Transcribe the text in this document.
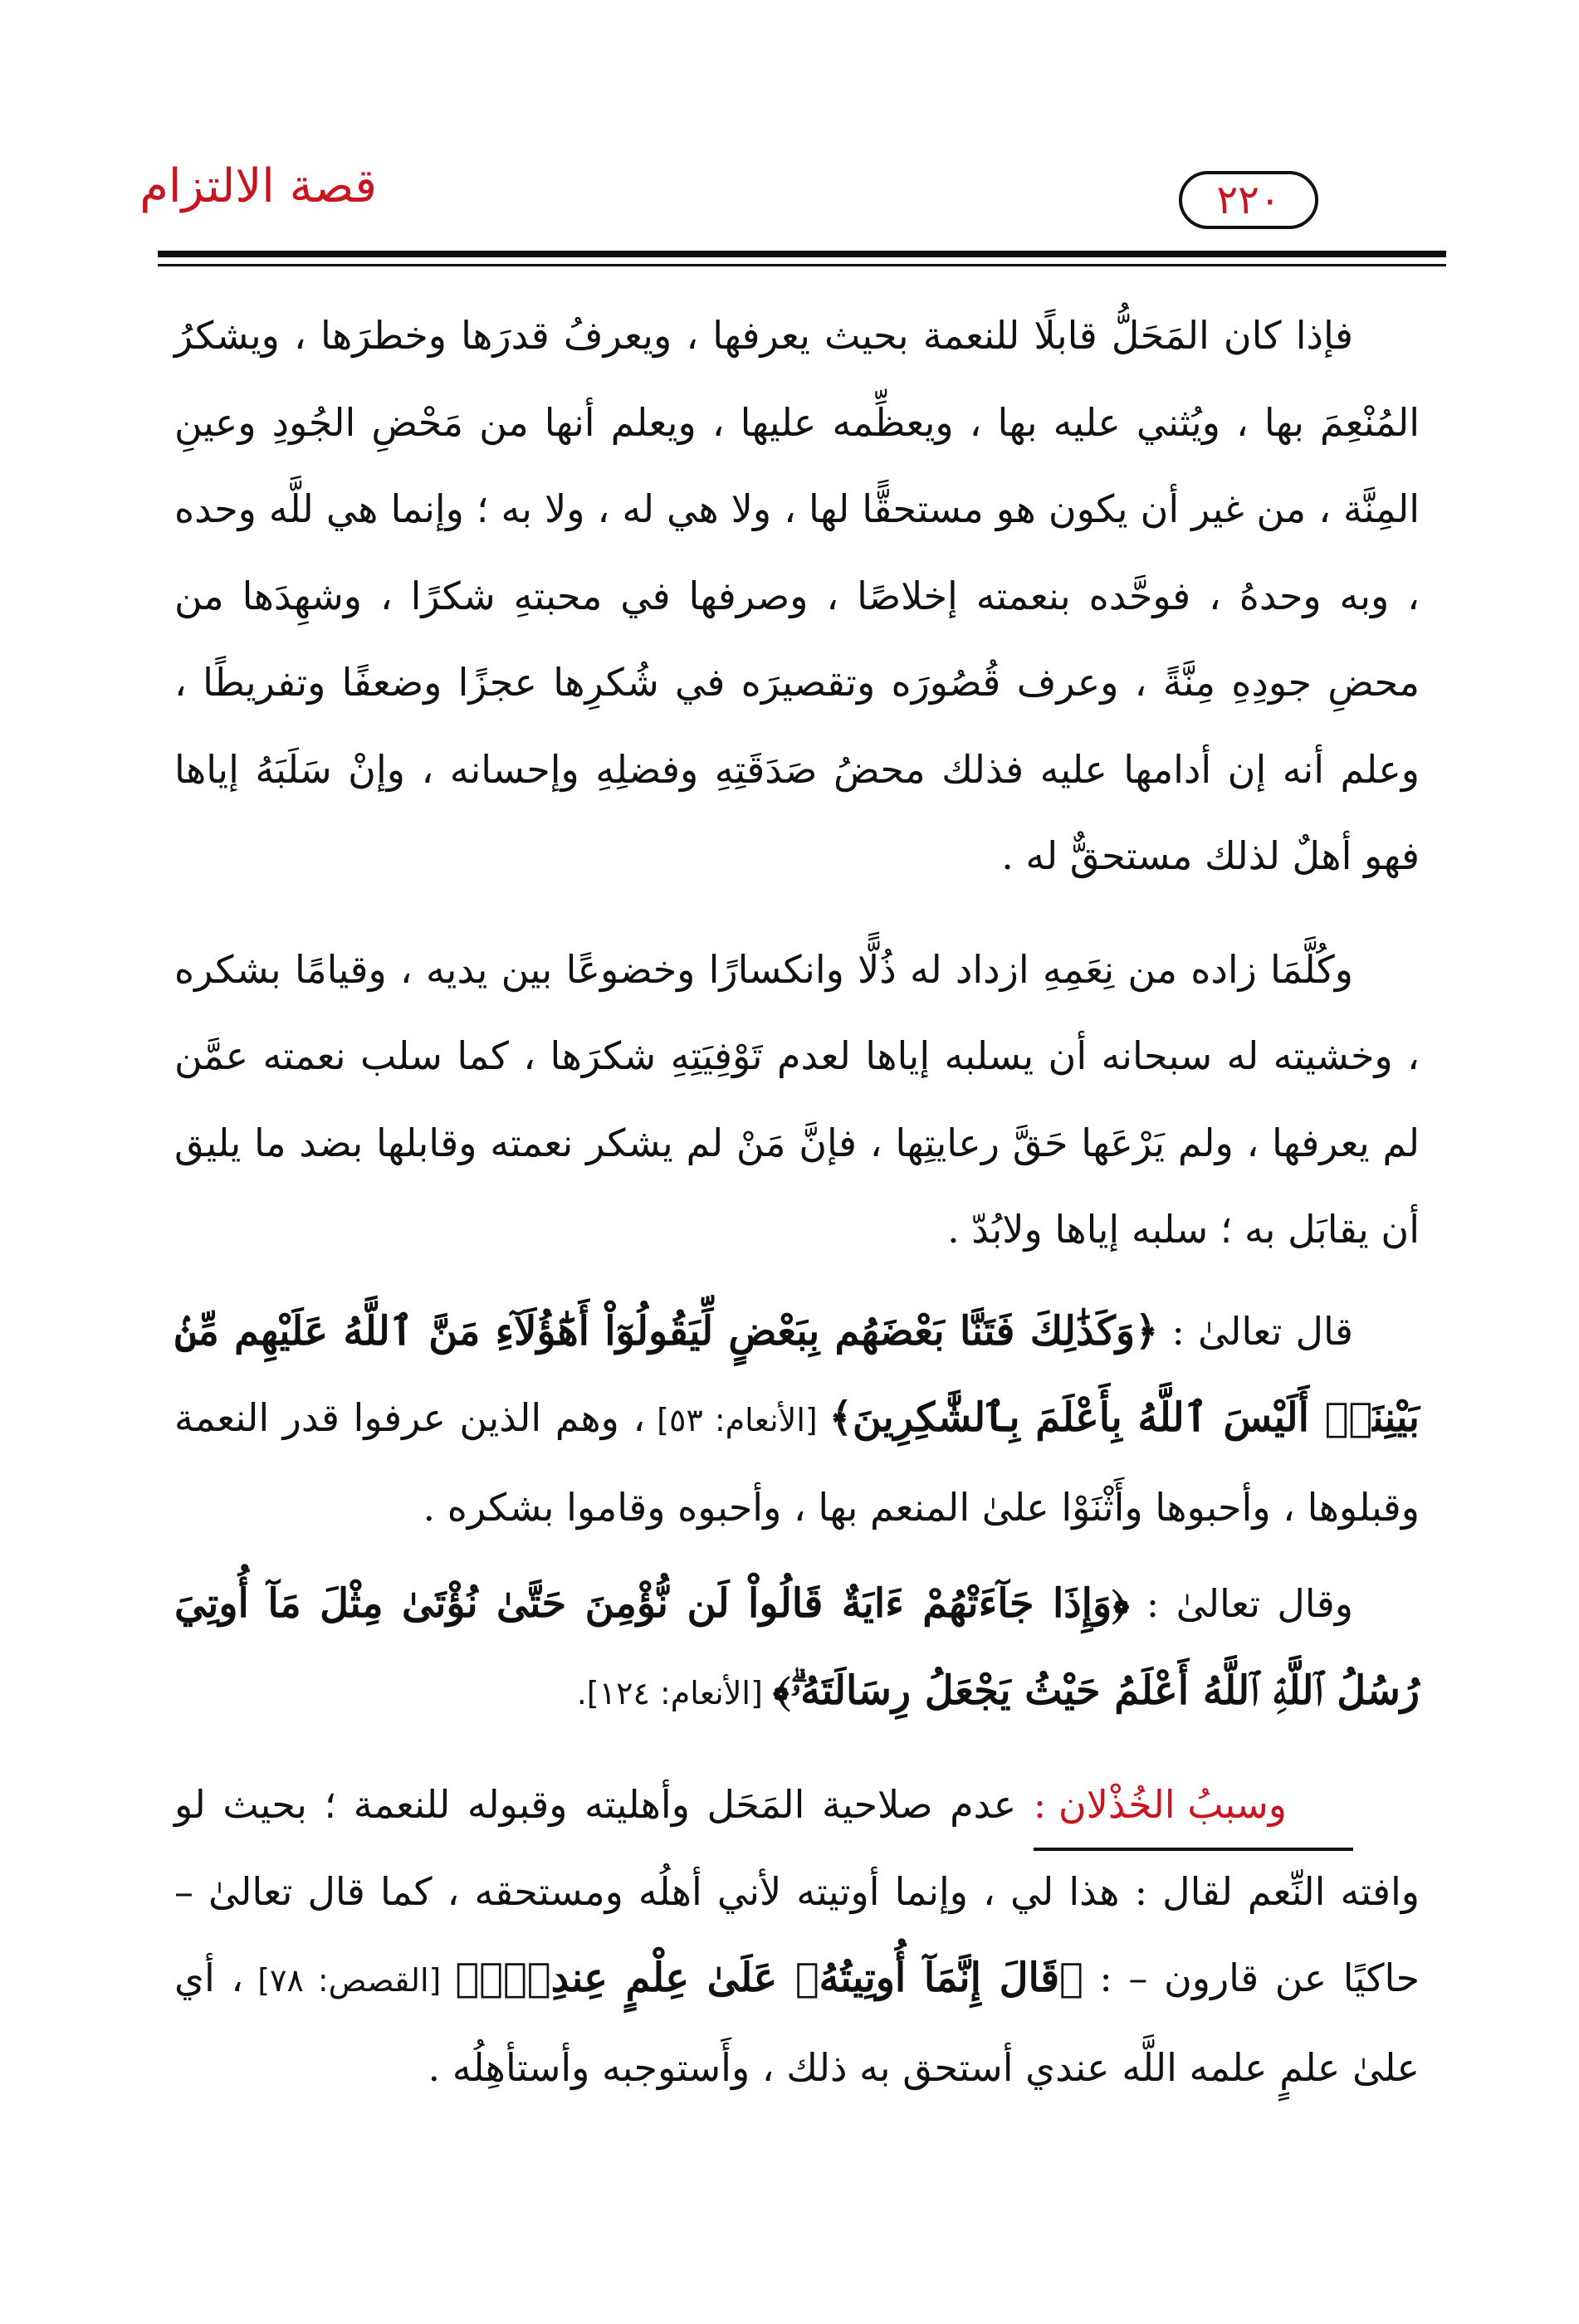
قصة الالتزام	٢٢٠

فإذا كان المَحَلُّ قابلًا للنعمة بحيث يعرفها ، ويعرفُ قدرَها وخطرَها ، ويشكرُ المُنْعِمَ بها ، ويُثني عليه بها ، ويعظِّمه عليها ، ويعلم أنها من مَحْضِ الجُودِ وعينِ المِنَّة ، من غير أن يكون هو مستحقًّا لها ، ولا هي له ، ولا به ؛ وإنما هي للَّه وحده ، وبه وحدهُ ، فوحَّده بنعمته إخلاصًا ، وصرفها في محبتهِ شكرًا ، وشهِدَها من محضِ جودِهِ مِنَّةً ، وعرف قُصُورَه وتقصيرَه في شُكرِها عجزًا وضعفًا وتفريطًا ، وعلم أنه إن أدامها عليه فذلك محضُ صَدَقَتِهِ وفضلِهِ وإحسانه ، وإنْ سَلَبَهُ إياها فهو أهلٌ لذلك مستحقٌّ له .

وكُلَّمَا زاده من نِعَمِهِ ازداد له ذُلًّا وانكسارًا وخضوعًا بين يديه ، وقيامًا بشكره ، وخشيته له سبحانه أن يسلبه إياها لعدم تَوْفِيَتِهِ شكرَها ، كما سلب نعمته عمَّن لم يعرفها ، ولم يَرْعَها حَقَّ رعايتِها ، فإنَّ مَنْ لم يشكر نعمته وقابلها بضد ما يليق أن يقابَل به ؛ سلبه إياها ولابُدّ .

قال تعالىٰ : ﴿وَكَذَٰلِكَ فَتَنَّا بَعْضَهُم بِبَعْضٍ لِّيَقُولُوٓاْ أَهَٰٓؤُلَآءِ مَنَّ ٱللَّهُ عَلَيْهِم مِّنۢ بَيْنِنَآۗ أَلَيْسَ ٱللَّهُ بِأَعْلَمَ بِٱلشَّٰكِرِينَ﴾ [الأنعام: ٥٣] ، وهم الذين عرفوا قدر النعمة وقبلوها ، وأحبوها وأَثْنَوْا علىٰ المنعم بها ، وأحبوه وقاموا بشكره .

وقال تعالىٰ : ﴿وَإِذَا جَآءَتْهُمْ ءَايَةٌ قَالُواْ لَن نُّؤْمِنَ حَتَّىٰ نُؤْتَىٰ مِثْلَ مَآ أُوتِيَ رُسُلُ ٱللَّهِۘ ٱللَّهُ أَعْلَمُ حَيْثُ يَجْعَلُ رِسَالَتَهُۥۗ﴾ [الأنعام: ١٢٤].

وسببُ الخُذْلان : عدم صلاحية المَحَل وأهليته وقبوله للنعمة ؛ بحيث لو وافته النِّعم لقال : هذا لي ، وإنما أوتيته لأني أهلُه ومستحقه ، كما قال تعالىٰ – حاكيًا عن قارون – : ﴿قَالَ إِنَّمَآ أُوتِيتُهُۥ عَلَىٰ عِلْمٍ عِندِيٓۚ﴾ [القصص: ٧٨] ، أي علىٰ علمٍ علمه اللَّه عندي أستحق به ذلك ، وأَستوجبه وأستأهِلُه .
